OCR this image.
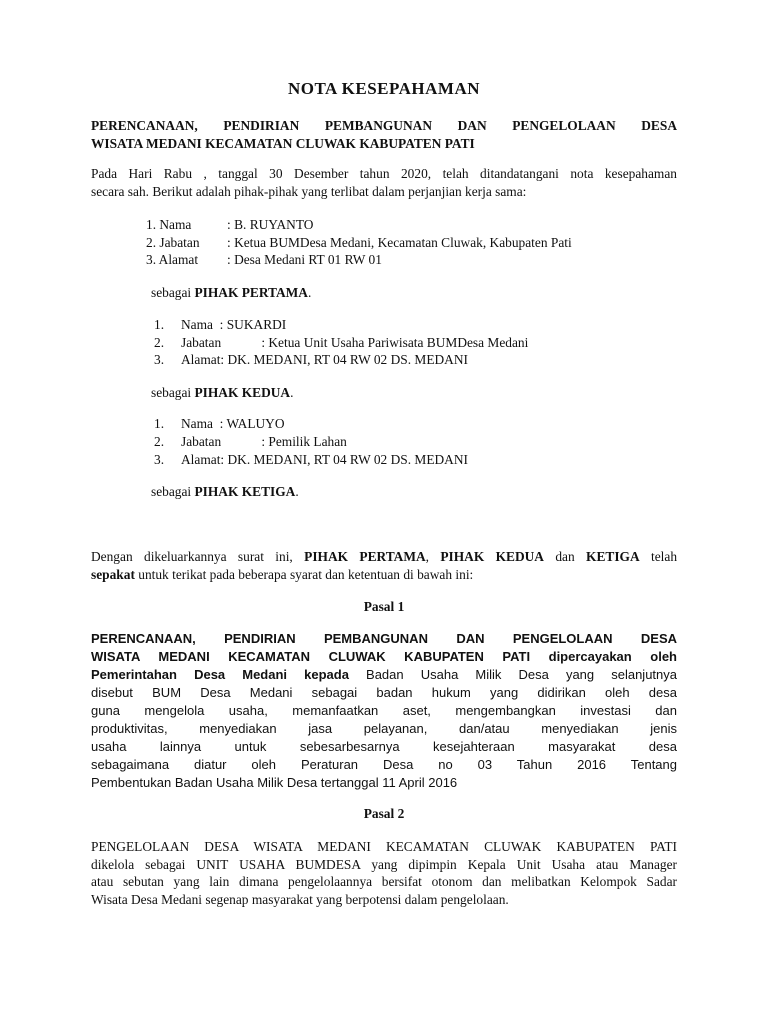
NOTA KESEPAHAMAN
PERENCANAAN, PENDIRIAN PEMBANGUNAN DAN PENGELOLAAN DESA
WISATA MEDANI KECAMATAN CLUWAK KABUPATEN PATI
Pada Hari Rabu , tanggal 30 Desember tahun 2020, telah ditandatangani nota kesepahaman
secara sah. Berikut adalah pihak-pihak yang terlibat dalam perjanjian kerja sama:
1. Nama	: B. RUYANTO
2. Jabatan : Ketua BUMDesa Medani, Kecamatan Cluwak, Kabupaten Pati
3. Alamat : Desa Medani RT 01 RW 01
sebagai PIHAK PERTAMA.
1. Nama  : SUKARDI
2. Jabatan            : Ketua Unit Usaha Pariwisata BUMDesa Medani
3. Alamat: DK. MEDANI, RT 04 RW 02 DS. MEDANI
sebagai PIHAK KEDUA.
1. Nama  : WALUYO
2. Jabatan            : Pemilik Lahan
3. Alamat: DK. MEDANI, RT 04 RW 02 DS. MEDANI
sebagai PIHAK KETIGA.
Dengan dikeluarkannya surat ini, PIHAK PERTAMA, PIHAK KEDUA dan KETIGA telah
sepakat untuk terikat pada beberapa syarat dan ketentuan di bawah ini:
Pasal 1
PERENCANAAN, PENDIRIAN PEMBANGUNAN DAN PENGELOLAAN DESA
WISATA MEDANI KECAMATAN CLUWAK KABUPATEN PATI dipercayakan oleh
Pemerintahan Desa Medani kepada Badan Usaha Milik Desa yang selanjutnya
disebut BUM Desa Medani sebagai badan hukum yang didirikan oleh desa
guna mengelola usaha, memanfaatkan aset, mengembangkan investasi dan
produktivitas, menyediakan jasa pelayanan, dan/atau menyediakan jenis
usaha lainnya untuk sebesarbesarnya kesejahteraan masyarakat desa
sebagaimana diatur oleh Peraturan Desa no 03 Tahun 2016 Tentang
Pembentukan Badan Usaha Milik Desa tertanggal 11 April 2016
Pasal 2
PENGELOLAAN DESA WISATA MEDANI KECAMATAN CLUWAK KABUPATEN PATI
dikelola sebagai UNIT USAHA BUMDESA yang dipimpin Kepala Unit Usaha atau Manager
atau sebutan yang lain dimana pengelolaannya bersifat otonom dan melibatkan Kelompok Sadar
Wisata Desa Medani segenap masyarakat yang berpotensi dalam pengelolaan.
